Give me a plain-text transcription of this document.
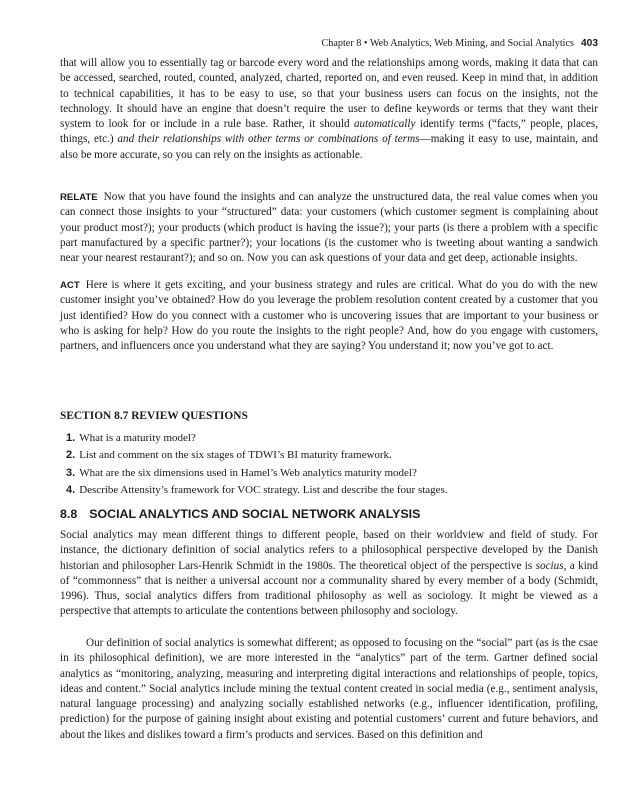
Chapter 8 • Web Analytics, Web Mining, and Social Analytics 403
that will allow you to essentially tag or barcode every word and the relationships among words, making it data that can be accessed, searched, routed, counted, analyzed, charted, reported on, and even reused. Keep in mind that, in addition to technical capabilities, it has to be easy to use, so that your business users can focus on the insights, not the technology. It should have an engine that doesn’t require the user to define keywords or terms that they want their system to look for or include in a rule base. Rather, it should automatically identify terms (“facts,” people, places, things, etc.) and their relationships with other terms or combinations of terms—making it easy to use, maintain, and also be more accurate, so you can rely on the insights as actionable.
RELATE Now that you have found the insights and can analyze the unstructured data, the real value comes when you can connect those insights to your “structured” data: your customers (which customer segment is complaining about your product most?); your products (which product is having the issue?); your parts (is there a problem with a specific part manufactured by a specific partner?); your locations (is the customer who is tweeting about wanting a sandwich near your nearest restaurant?); and so on. Now you can ask questions of your data and get deep, actionable insights.
ACT Here is where it gets exciting, and your business strategy and rules are critical. What do you do with the new customer insight you’ve obtained? How do you leverage the problem resolution content created by a customer that you just identified? How do you connect with a customer who is uncovering issues that are important to your business or who is asking for help? How do you route the insights to the right people? And, how do you engage with customers, partners, and influencers once you understand what they are saying? You understand it; now you’ve got to act.
SECTION 8.7 REVIEW QUESTIONS
1. What is a maturity model?
2. List and comment on the six stages of TDWI’s BI maturity framework.
3. What are the six dimensions used in Hamel’s Web analytics maturity model?
4. Describe Attensity’s framework for VOC strategy. List and describe the four stages.
8.8 SOCIAL ANALYTICS AND SOCIAL NETWORK ANALYSIS
Social analytics may mean different things to different people, based on their worldview and field of study. For instance, the dictionary definition of social analytics refers to a philosophical perspective developed by the Danish historian and philosopher Lars-Henrik Schmidt in the 1980s. The theoretical object of the perspective is socius, a kind of “commonness” that is neither a universal account nor a communality shared by every member of a body (Schmidt, 1996). Thus, social analytics differs from traditional philosophy as well as sociology. It might be viewed as a perspective that attempts to articulate the contentions between philosophy and sociology.
Our definition of social analytics is somewhat different; as opposed to focusing on the “social” part (as is the csae in its philosophical definition), we are more interested in the “analytics” part of the term. Gartner defined social analytics as “monitoring, analyzing, measuring and interpreting digital interactions and relationships of people, topics, ideas and content.” Social analytics include mining the textual content created in social media (e.g., sentiment analysis, natural language processing) and analyzing socially established networks (e.g., influencer identification, profiling, prediction) for the purpose of gaining insight about existing and potential customers’ current and future behaviors, and about the likes and dislikes toward a firm’s products and services. Based on this definition and
